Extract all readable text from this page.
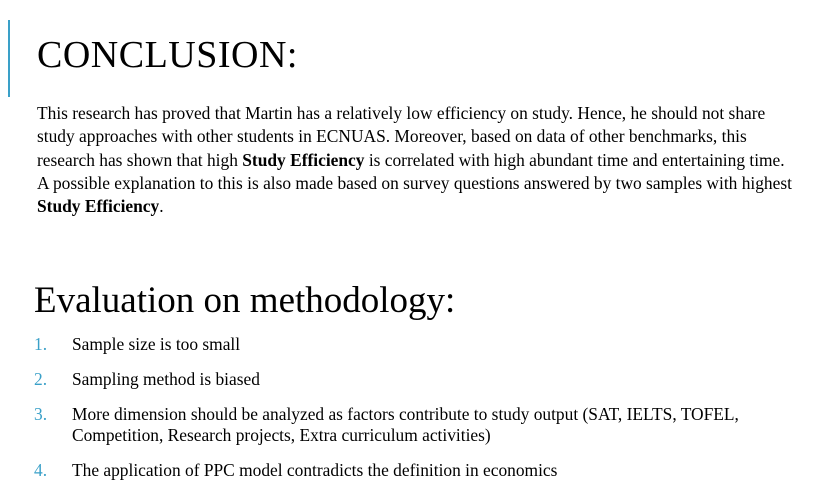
CONCLUSION:

This research has proved that Martin has a relatively low efficiency on study. Hence, he should not share study approaches with other students in ECNUAS. Moreover, based on data of other benchmarks, this research has shown that high Study Efficiency is correlated with high abundant time and entertaining time. A possible explanation to this is also made based on survey questions answered by two samples with highest Study Efficiency.

Evaluation on methodology:
1. Sample size is too small
2. Sampling method is biased
3. More dimension should be analyzed as factors contribute to study output (SAT, IELTS, TOFEL, Competition, Research projects, Extra curriculum activities)
4. The application of PPC model contradicts the definition in economics
